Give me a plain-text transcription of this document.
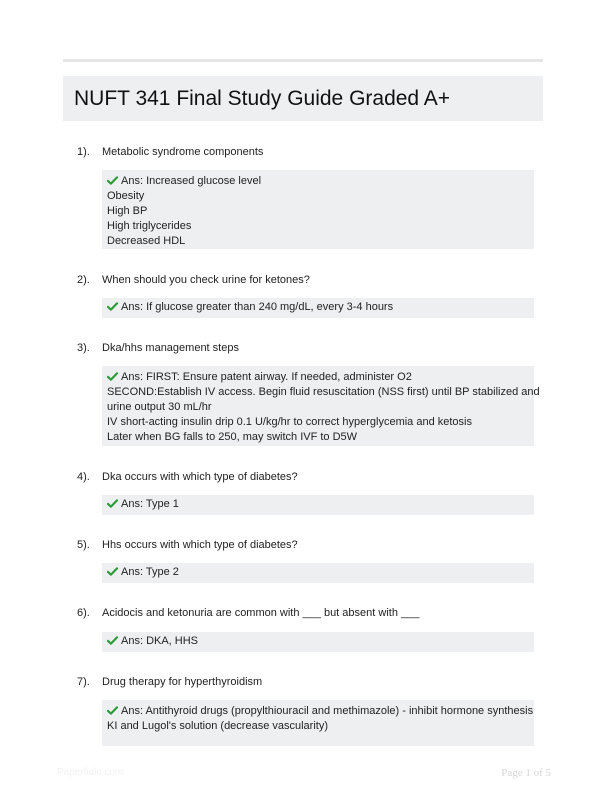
NUFT 341 Final Study Guide Graded A+
1). Metabolic syndrome components
Ans: Increased glucose level
Obesity
High BP
High triglycerides
Decreased HDL
2). When should you check urine for ketones?
Ans: If glucose greater than 240 mg/dL, every 3-4 hours
3). Dka/hhs management steps
Ans: FIRST: Ensure patent airway. If needed, administer O2
SECOND:Establish IV access. Begin fluid resuscitation (NSS first) until BP stabilized and
urine output 30 mL/hr
IV short-acting insulin drip 0.1 U/kg/hr to correct hyperglycemia and ketosis
Later when BG falls to 250, may switch IVF to D5W
4). Dka occurs with which type of diabetes?
Ans: Type 1
5). Hhs occurs with which type of diabetes?
Ans: Type 2
6). Acidocis and ketonuria are common with ___ but absent with ___
Ans: DKA, HHS
7). Drug therapy for hyperthyroidism
Ans: Antithyroid drugs (propylthiouracil and methimazole) - inhibit hormone synthesis
KI and Lugol's solution (decrease vascularity)
Paperfidic.com	Page 1 of 5
